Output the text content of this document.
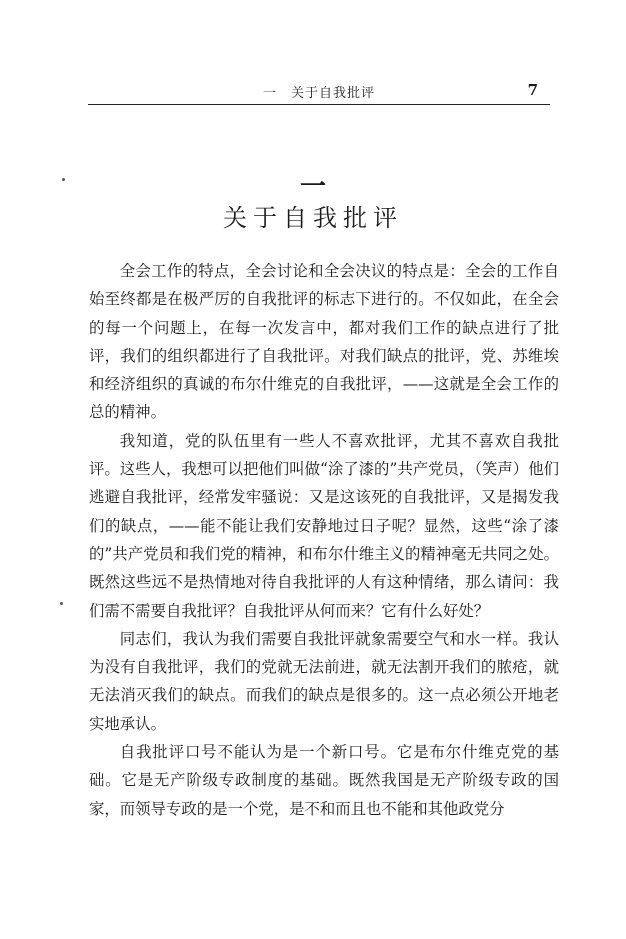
一　关于自我批评	7
一
关于自我批评

全会工作的特点，全会讨论和全会决议的特点是：全会的工作自始至终都是在极严厉的自我批评的标志下进行的。不仅如此，在全会的每一个问题上，在每一次发言中，都对我们工作的缺点进行了批评，我们的组织都进行了自我批评。对我们缺点的批评，党、苏维埃和经济组织的真诚的布尔什维克的自我批评，——这就是全会工作的总的精神。

我知道，党的队伍里有一些人不喜欢批评，尤其不喜欢自我批评。这些人，我想可以把他们叫做“涂了漆的”共产党员，（笑声）他们逃避自我批评，经常发牢骚说：又是这该死的自我批评，又是揭发我们的缺点，——能不能让我们安静地过日子呢？显然，这些“涂了漆的”共产党员和我们党的精神，和布尔什维主义的精神毫无共同之处。既然这些远不是热情地对待自我批评的人有这种情绪，那么请问：我们需不需要自我批评？自我批评从何而来？它有什么好处？

同志们，我认为我们需要自我批评就象需要空气和水一样。我认为没有自我批评，我们的党就无法前进，就无法割开我们的脓疮，就无法消灭我们的缺点。而我们的缺点是很多的。这一点必须公开地老实地承认。

自我批评口号不能认为是一个新口号。它是布尔什维克党的基础。它是无产阶级专政制度的基础。既然我国是无产阶级专政的国家，而领导专政的是一个党，是不和而且也不能和其他政党分
